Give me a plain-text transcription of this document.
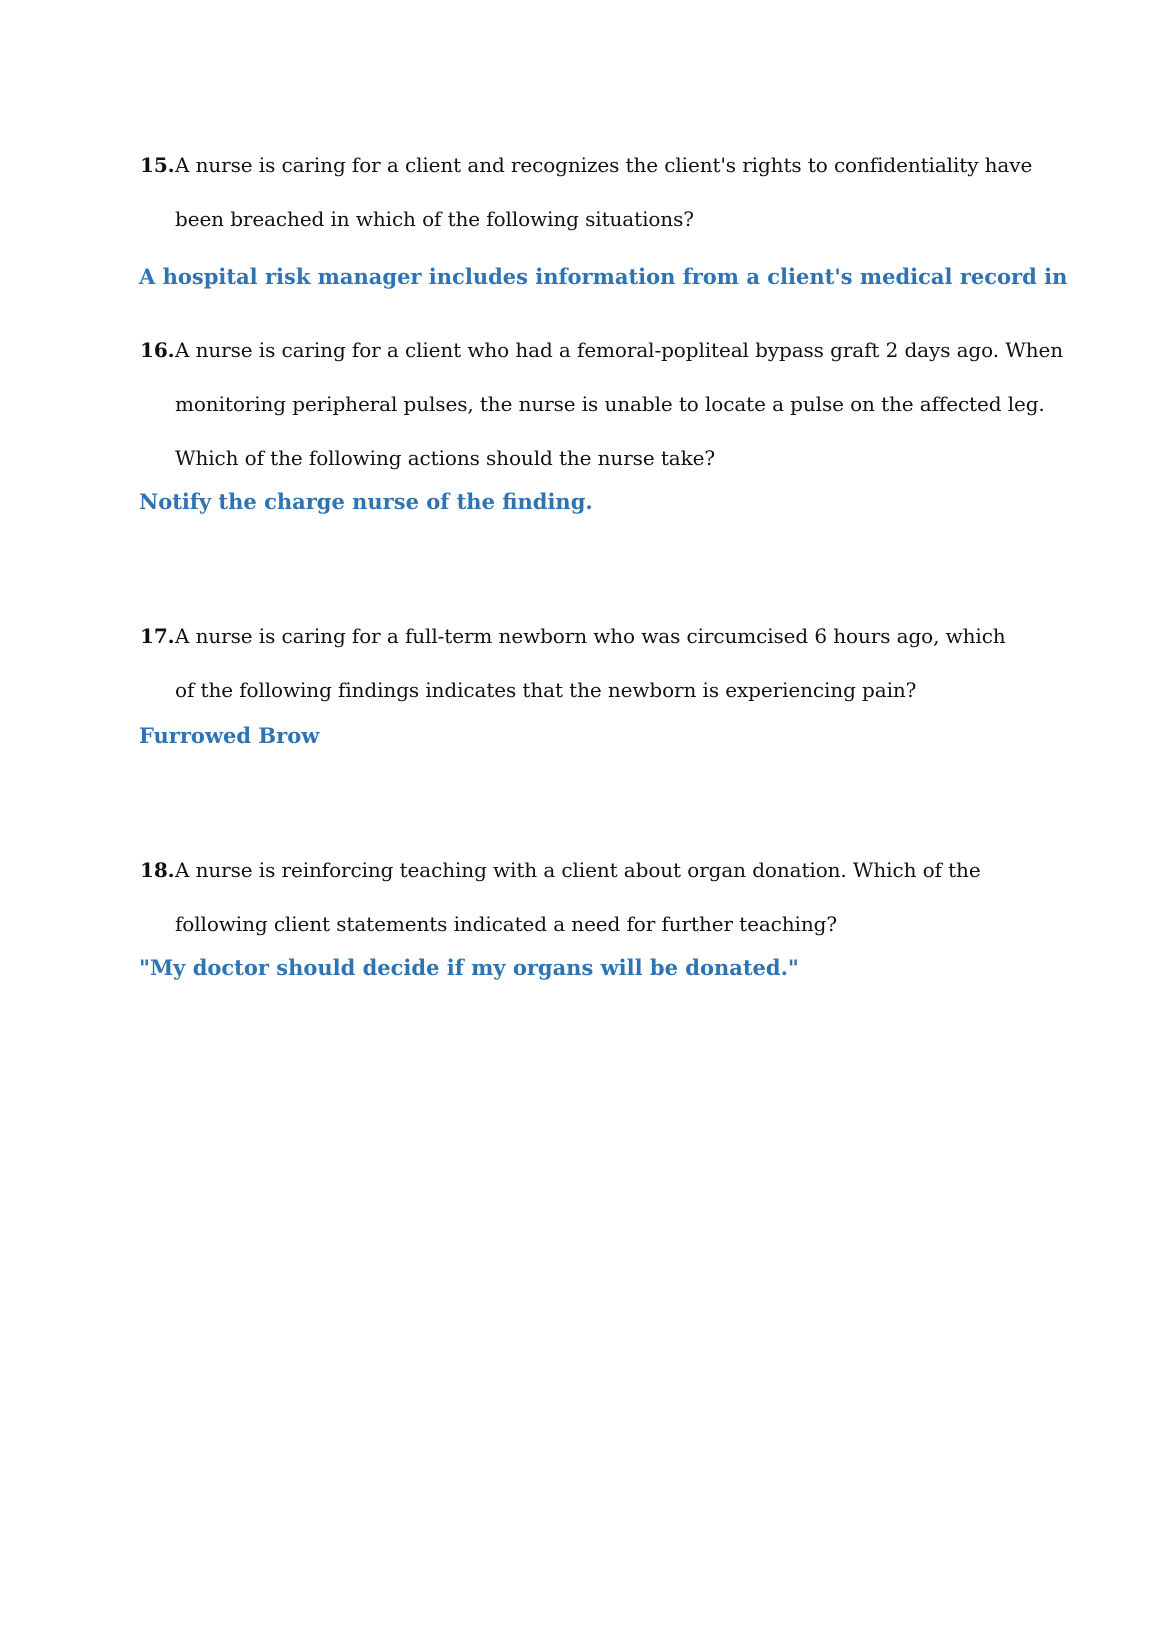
15. A nurse is caring for a client and recognizes the client's rights to confidentiality have
been breached in which of the following situations?
A hospital risk manager includes information from a client's medical record in
16. A nurse is caring for a client who had a femoral-popliteal bypass graft 2 days ago. When
monitoring peripheral pulses, the nurse is unable to locate a pulse on the affected leg.
Which of the following actions should the nurse take?
Notify the charge nurse of the finding.
17. A nurse is caring for a full-term newborn who was circumcised 6 hours ago, which
of the following findings indicates that the newborn is experiencing pain?
Furrowed Brow
18. A nurse is reinforcing teaching with a client about organ donation. Which of the
following client statements indicated a need for further teaching?
"My doctor should decide if my organs will be donated."
